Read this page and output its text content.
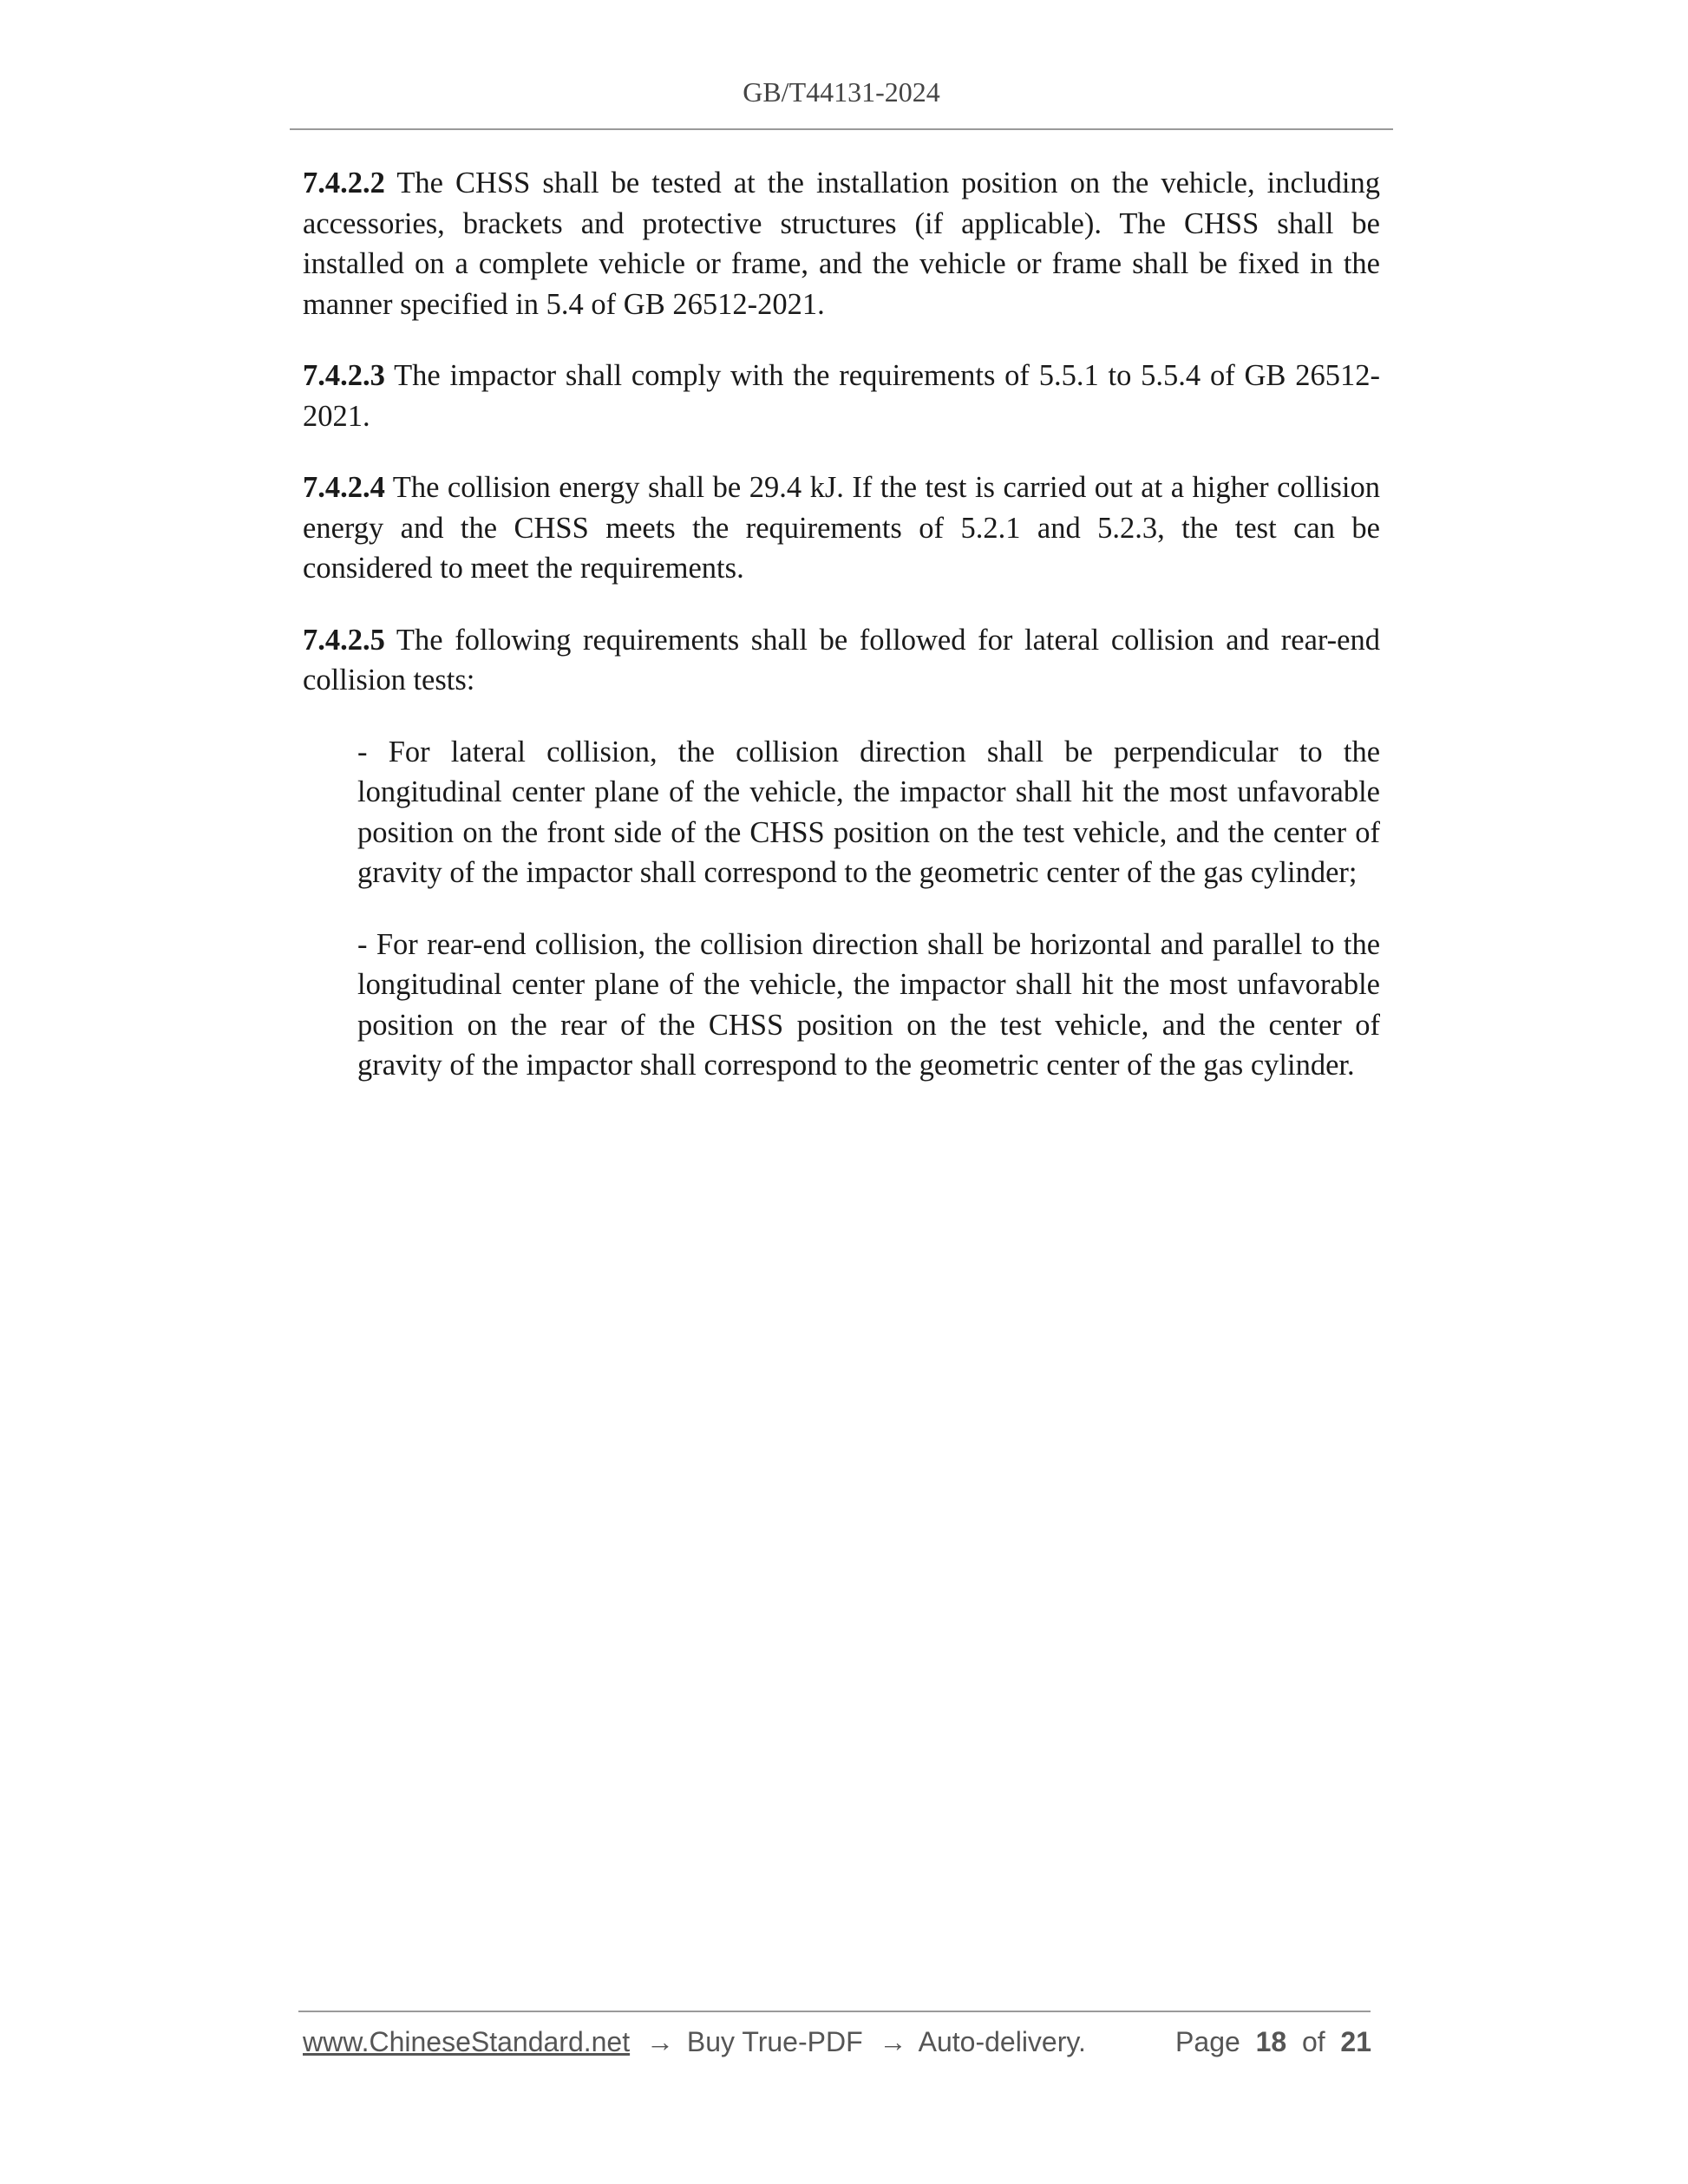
GB/T44131-2024

7.4.2.2 The CHSS shall be tested at the installation position on the vehicle, including accessories, brackets and protective structures (if applicable). The CHSS shall be installed on a complete vehicle or frame, and the vehicle or frame shall be fixed in the manner specified in 5.4 of GB 26512-2021.

7.4.2.3 The impactor shall comply with the requirements of 5.5.1 to 5.5.4 of GB 26512-2021.

7.4.2.4 The collision energy shall be 29.4 kJ. If the test is carried out at a higher collision energy and the CHSS meets the requirements of 5.2.1 and 5.2.3, the test can be considered to meet the requirements.

7.4.2.5 The following requirements shall be followed for lateral collision and rear-end collision tests:

- For lateral collision, the collision direction shall be perpendicular to the longitudinal center plane of the vehicle, the impactor shall hit the most unfavorable position on the front side of the CHSS position on the test vehicle, and the center of gravity of the impactor shall correspond to the geometric center of the gas cylinder;

- For rear-end collision, the collision direction shall be horizontal and parallel to the longitudinal center plane of the vehicle, the impactor shall hit the most unfavorable position on the rear of the CHSS position on the test vehicle, and the center of gravity of the impactor shall correspond to the geometric center of the gas cylinder.

www.ChineseStandard.net → Buy True-PDF → Auto-delivery.	Page 18 of 21
